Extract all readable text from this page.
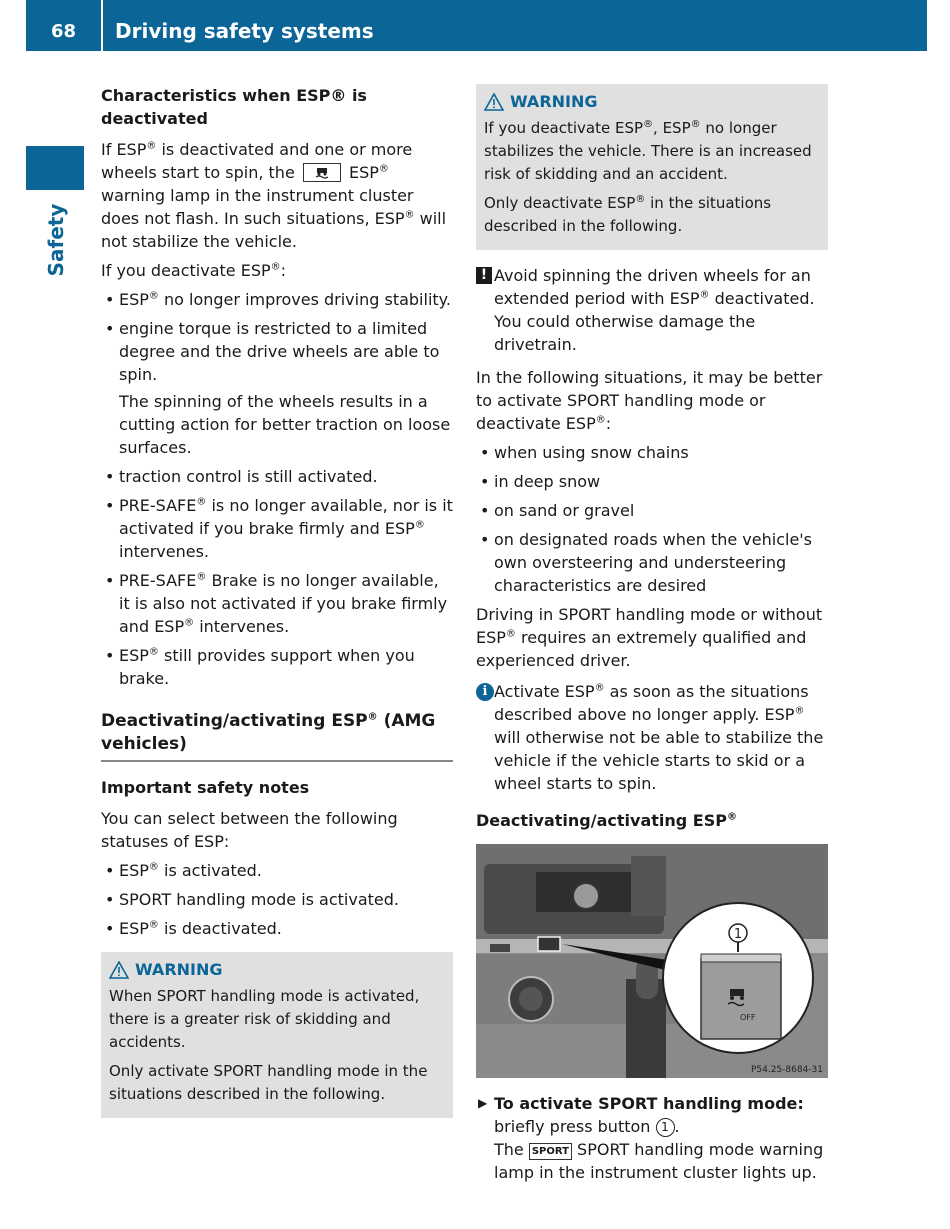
68	Driving safety systems
Safety
Characteristics when ESP® is deactivated

If ESP® is deactivated and one or more wheels start to spin, the	ESP® warning lamp in the instrument cluster does not flash. In such situations, ESP® will not stabilize the vehicle.

If you deactivate ESP®:

• ESP® no longer improves driving stability.
• engine torque is restricted to a limited degree and the drive wheels are able to spin.
The spinning of the wheels results in a cutting action for better traction on loose surfaces.
• traction control is still activated.
• PRE-SAFE® is no longer available, nor is it activated if you brake firmly and ESP® intervenes.
• PRE-SAFE® Brake is no longer available, it is also not activated if you brake firmly and ESP® intervenes.
• ESP® still provides support when you brake.
Deactivating/activating ESP® (AMG vehicles)
Important safety notes

You can select between the following statuses of ESP:

• ESP® is activated.
• SPORT handling mode is activated.
• ESP® is deactivated.
WARNING

When SPORT handling mode is activated, there is a greater risk of skidding and accidents.

Only activate SPORT handling mode in the situations described in the following.

WARNING

If you deactivate ESP®, ESP® no longer stabilizes the vehicle. There is an increased risk of skidding and an accident.

Only deactivate ESP® in the situations described in the following.

! Avoid spinning the driven wheels for an extended period with ESP® deactivated. You could otherwise damage the drivetrain.

In the following situations, it may be better to activate SPORT handling mode or deactivate ESP®:

• when using snow chains
• in deep snow
• on sand or gravel
• on designated roads when the vehicle's own oversteering and understeering characteristics are desired

Driving in SPORT handling mode or without ESP® requires an extremely qualified and experienced driver.

i Activate ESP® as soon as the situations described above no longer apply. ESP® will otherwise not be able to stabilize the vehicle if the vehicle starts to skid or a wheel starts to spin.
Deactivating/activating ESP®
1
OFF
P54.25-8684-31
▶ To activate SPORT handling mode:
briefly press button 1 .
The SPORT SPORT handling mode warning lamp in the instrument cluster lights up.
